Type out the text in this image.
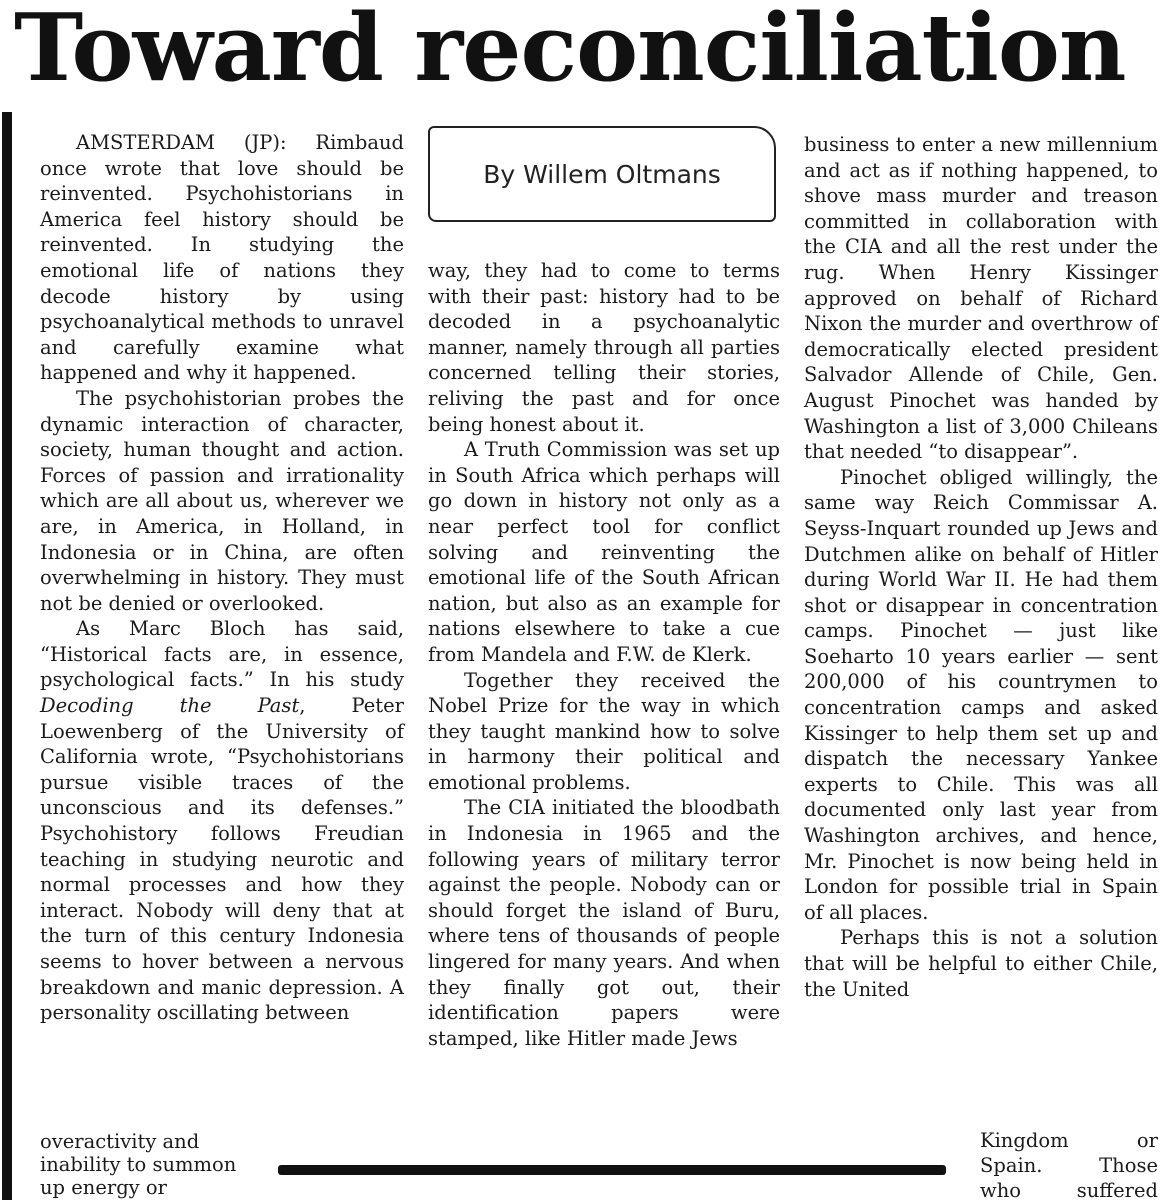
Toward reconciliation

AMSTERDAM (JP): Rimbaud once wrote that love should be reinvented. Psychohistorians in America feel history should be reinvented. In studying the emotional life of nations they decode history by using psychoanalytical methods to unravel and carefully examine what happened and why it happened.

The psychohistorian probes the dynamic interaction of character, society, human thought and action. Forces of passion and irrationality which are all about us, wherever we are, in America, in Holland, in Indonesia or in China, are often overwhelming in history. They must not be denied or overlooked.

As Marc Bloch has said, “Historical facts are, in essence, psychological facts.” In his study Decoding the Past, Peter Loewenberg of the University of California wrote, “Psychohistorians pursue visible traces of the unconscious and its defenses.” Psychohistory follows Freudian teaching in studying neurotic and normal processes and how they interact. Nobody will deny that at the turn of this century Indonesia seems to hover between a nervous breakdown and manic depression. A personality oscillating between

overactivity and inability to summon up energy or
By Willem Oltmans

way, they had to come to terms with their past: history had to be decoded in a psychoanalytic manner, namely through all parties concerned telling their stories, reliving the past and for once being honest about it.

A Truth Commission was set up in South Africa which perhaps will go down in history not only as a near perfect tool for conflict solving and reinventing the emotional life of the South African nation, but also as an example for nations elsewhere to take a cue from Mandela and F.W. de Klerk.

Together they received the Nobel Prize for the way in which they taught mankind how to solve in harmony their political and emotional problems.

The CIA initiated the bloodbath in Indonesia in 1965 and the following years of military terror against the people. Nobody can or should forget the island of Buru, where tens of thousands of people lingered for many years. And when they finally got out, their identification papers were stamped, like Hitler made Jews

business to enter a new millennium and act as if nothing happened, to shove mass murder and treason committed in collaboration with the CIA and all the rest under the rug. When Henry Kissinger approved on behalf of Richard Nixon the murder and overthrow of democratically elected president Salvador Allende of Chile, Gen. August Pinochet was handed by Washington a list of 3,000 Chileans that needed “to disappear”.

Pinochet obliged willingly, the same way Reich Commissar A. Seyss-Inquart rounded up Jews and Dutchmen alike on behalf of Hitler during World War II. He had them shot or disappear in concentration camps. Pinochet — just like Soeharto 10 years earlier — sent 200,000 of his countrymen to concentration camps and asked Kissinger to help them set up and dispatch the necessary Yankee experts to Chile. This was all documented only last year from Washington archives, and hence, Mr. Pinochet is now being held in London for possible trial in Spain of all places.

Perhaps this is not a solution that will be helpful to either Chile, the United

Kingdom or
Spain. Those
who suffered
